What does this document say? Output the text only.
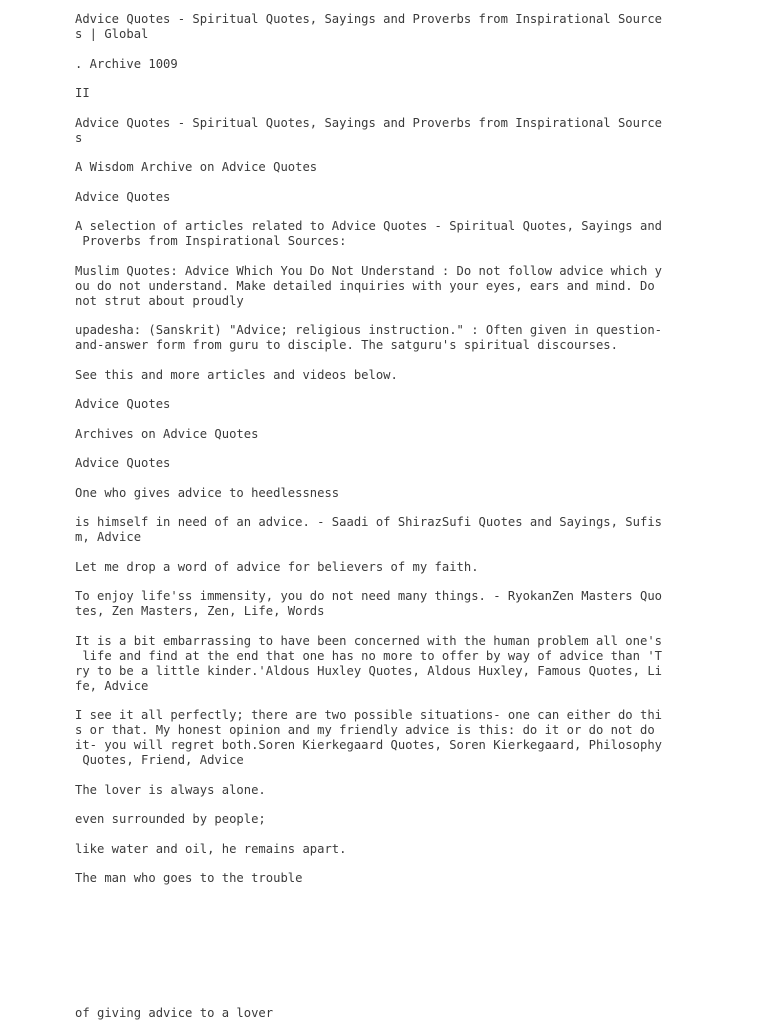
Advice Quotes - Spiritual Quotes, Sayings and Proverbs from Inspirational Source
s | Global
. Archive 1009
II
Advice Quotes - Spiritual Quotes, Sayings and Proverbs from Inspirational Source
s
A Wisdom Archive on Advice Quotes
Advice Quotes
A selection of articles related to Advice Quotes - Spiritual Quotes, Sayings and
Proverbs from Inspirational Sources:
Muslim Quotes: Advice Which You Do Not Understand : Do not follow advice which y
ou do not understand. Make detailed inquiries with your eyes, ears and mind. Do
not strut about proudly
upadesha: (Sanskrit) "Advice; religious instruction." : Often given in question-
and-answer form from guru to disciple. The satguru's spiritual discourses.
See this and more articles and videos below.
Advice Quotes
Archives on Advice Quotes
Advice Quotes
One who gives advice to heedlessness
is himself in need of an advice. - Saadi of ShirazSufi Quotes and Sayings, Sufis
m, Advice
Let me drop a word of advice for believers of my faith.
To enjoy life'ss immensity, you do not need many things. - RyokanZen Masters Quo
tes, Zen Masters, Zen, Life, Words
It is a bit embarrassing to have been concerned with the human problem all one's
life and find at the end that one has no more to offer by way of advice than 'T
ry to be a little kinder.'Aldous Huxley Quotes, Aldous Huxley, Famous Quotes, Li
fe, Advice
I see it all perfectly; there are two possible situations- one can either do thi
s or that. My honest opinion and my friendly advice is this: do it or do not do
it- you will regret both.Soren Kierkegaard Quotes, Soren Kierkegaard, Philosophy
Quotes, Friend, Advice
The lover is always alone.
even surrounded by people;
like water and oil, he remains apart.
The man who goes to the trouble

of giving advice to a lover
